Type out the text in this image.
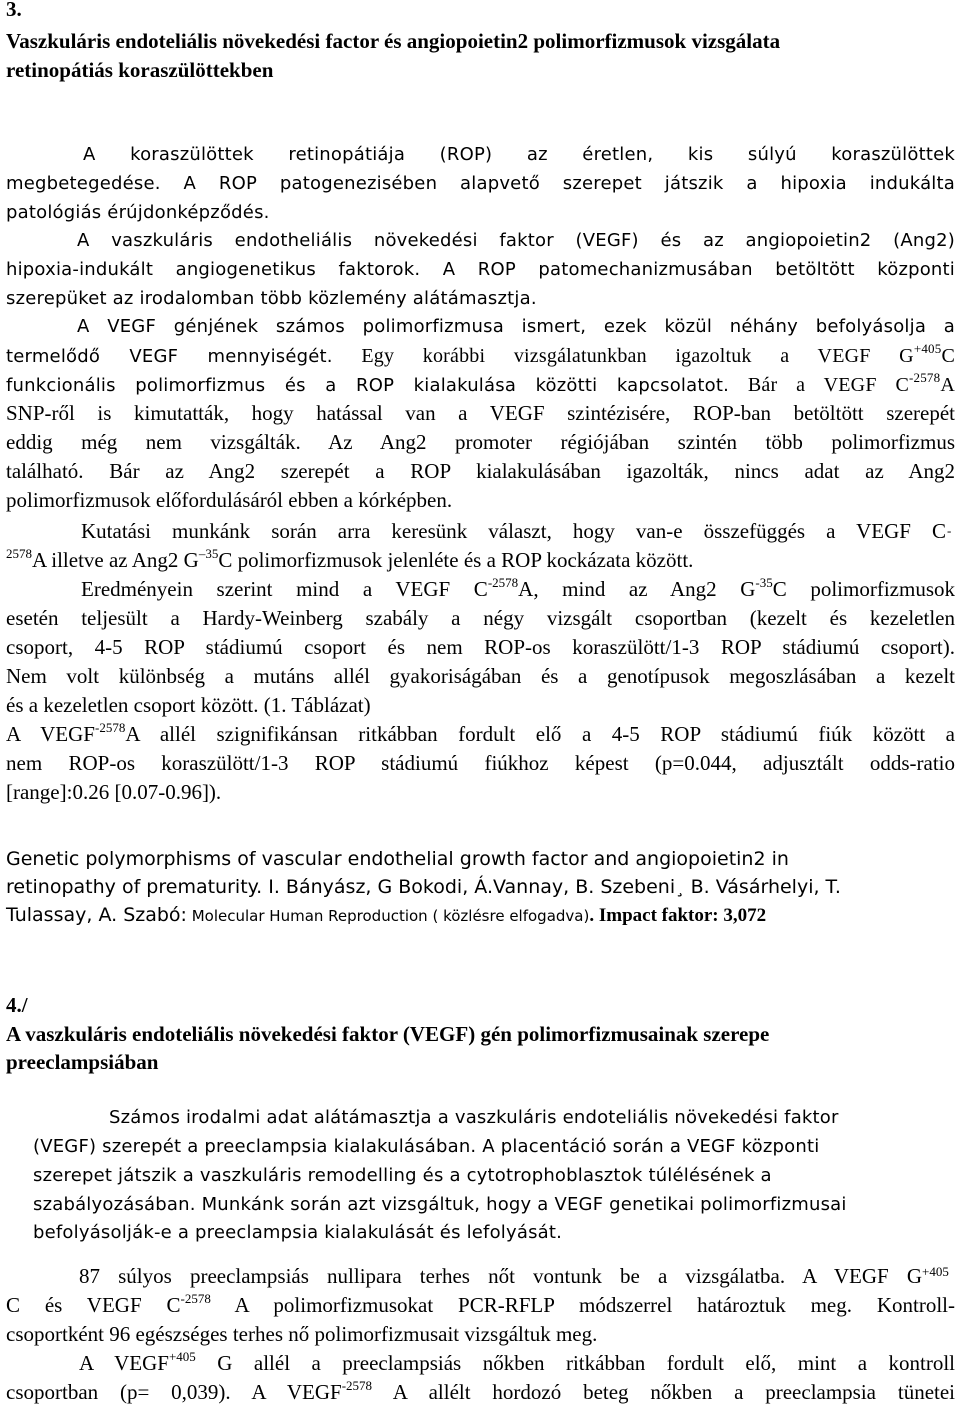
3.
Vaszkuláris endoteliális növekedési factor és angiopoietin2 polimorfizmusok vizsgálata
retinopátiás koraszülöttekben
A koraszülöttek retinopátiája (ROP) az éretlen, kis súlyú koraszülöttek
megbetegedése. A ROP patogenezisében alapvető szerepet játszik a hipoxia indukálta
patológiás érújdonképződés.
A vaszkuláris endotheliális növekedési faktor (VEGF) és az angiopoietin2 (Ang2)
hipoxia-indukált angiogenetikus faktorok. A ROP patomechanizmusában betöltött központi
szerepüket az irodalomban több közlemény alátámasztja.
A VEGF génjének számos polimorfizmusa ismert, ezek közül néhány befolyásolja a
termelődő VEGF mennyiségét. Egy korábbi vizsgálatunkban igazoltuk a VEGF $G^{+405}C$
funkcionális polimorfizmus és a ROP kialakulása közötti kapcsolatot. Bár a VEGF $C^{-2578}A$
SNP-ről is kimutatták, hogy hatással van a VEGF szintézisére, ROP-ban betöltött szerepét
eddig még nem vizsgálták. Az Ang2 promoter régiójában szintén több polimorfizmus
található. Bár az Ang2 szerepét a ROP kialakulásában igazolták, nincs adat az Ang2
polimorfizmusok előfordulásáról ebben a kórképben.
Kutatási munkánk során arra keresünk választ, hogy van-e összefüggés a VEGF C -
$^{2578}$A illetve az Ang2 $G^{-35}C$ polimorfizmusok jelenléte és a ROP kockázata között.
Eredményein szerint mind a VEGF $C^{-2578}A$, mind az Ang2 $G^{-35}C$ polimorfizmusok
esetén teljesült a Hardy-Weinberg szabály a négy vizsgált csoportban (kezelt és kezeletlen
csoport, 4-5 ROP stádiumú csoport és nem ROP-os koraszülött/1-3 ROP stádiumú csoport).
Nem volt különbség a mutáns allél gyakoriságában és a genotípusok megoszlásában a kezelt
és a kezeletlen csoport között. (1. Táblázat)
A $VEGF^{-2578}A$ allél szignifikánsan ritkábban fordult elő a 4-5 ROP stádiumú fiúk között a
nem ROP-os koraszülött/1-3 ROP stádiumú fiúkhoz képest (p=0.044, adjusztált odds-ratio
[range]:0.26 [0.07-0.96]).
Genetic polymorphisms of vascular endothelial growth factor and angiopoietin2 in
retinopathy of prematurity. I. Bányász, G Bokodi, Á.Vannay, B. Szebeni¸ B. Vásárhelyi, T.
Tulassay, A. Szabó: Molecular Human Reproduction ( közlésre elfogadva). Impact faktor: 3,072
4./
A vaszkuláris endoteliális növekedési faktor (VEGF) gén polimorfizmusainak szerepe
preeclampsiában
Számos irodalmi adat alátámasztja a vaszkuláris endoteliális növekedési faktor
(VEGF) szerepét a preeclampsia kialakulásában. A placentáció során a VEGF központi
szerepet játszik a vaszkuláris remodelling és a cytotrophoblasztok túlélésének a
szabályozásában. Munkánk során azt vizsgáltuk, hogy a VEGF genetikai polimorfizmusai
befolyásolják-e a preeclampsia kialakulását és lefolyását.
87 súlyos preeclampsiás nullipara terhes nőt vontunk be a vizsgálatba. A VEGF G +405
C és VEGF $C^{-2578}$ A polimorfizmusokat PCR-RFLP módszerrel határoztuk meg. Kontroll-
csoportként 96 egészséges terhes nő polimorfizmusait vizsgáltuk meg.
A $VEGF^{+405}$ G allél a preeclampsiás nőkben ritkábban fordult elő, mint a kontroll
csoportban (p= 0,039). A $VEGF^{-2578}$ A allélt hordozó beteg nőkben a preeclampsia tünetei
